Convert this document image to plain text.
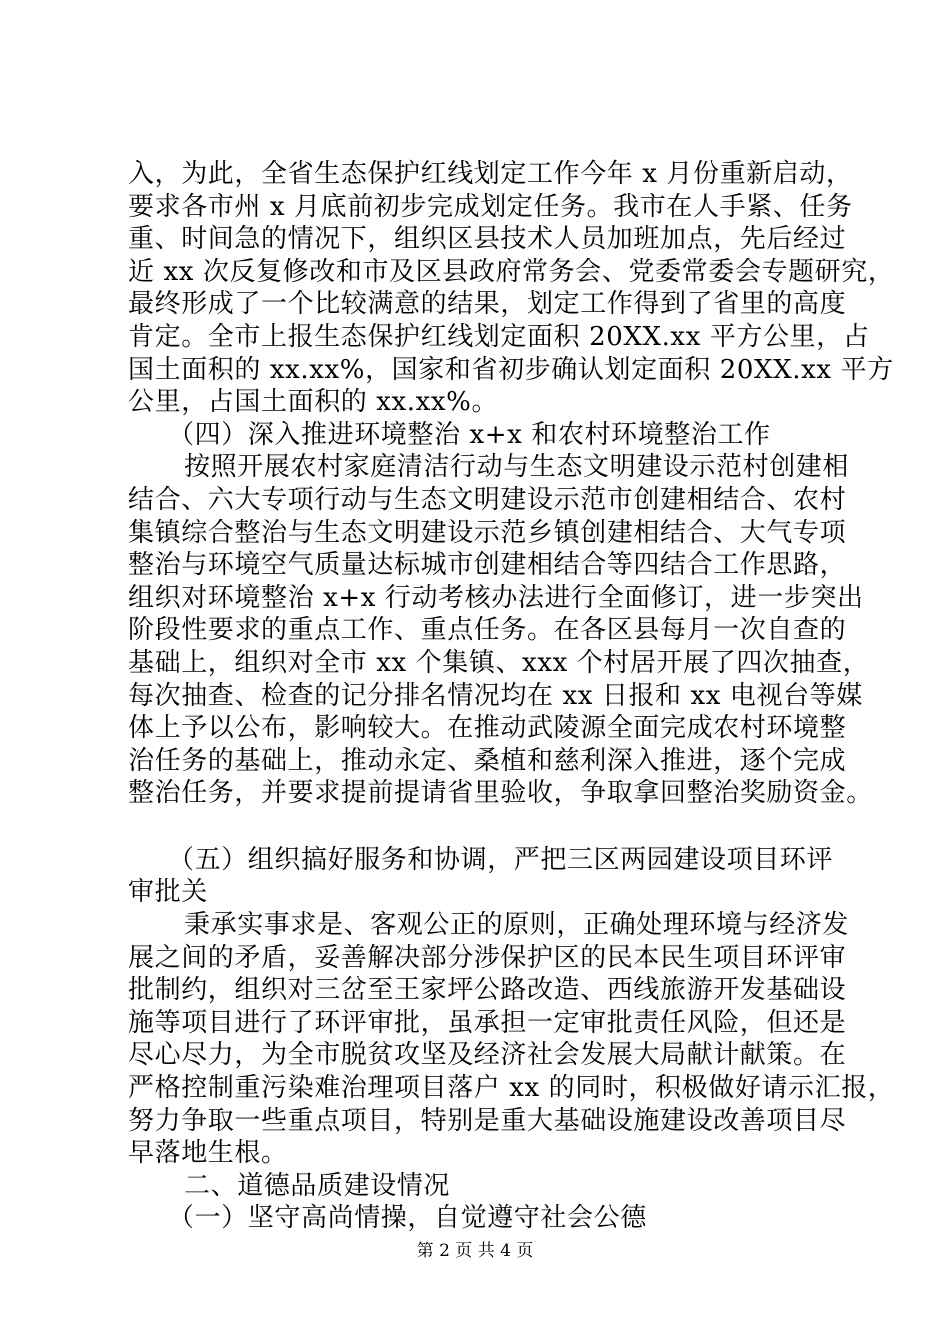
入，为此，全省生态保护红线划定工作今年 x 月份重新启动，
要求各市州 x 月底前初步完成划定任务。我市在人手紧、任务
重、时间急的情况下，组织区县技术人员加班加点，先后经过
近 xx 次反复修改和市及区县政府常务会、党委常委会专题研究，
最终形成了一个比较满意的结果，划定工作得到了省里的高度
肯定。全市上报生态保护红线划定面积 20XX.xx 平方公里，占
国土面积的 xx.xx%，国家和省初步确认划定面积 20XX.xx 平方
公里，占国土面积的 xx.xx%。
（四）深入推进环境整治 x+x 和农村环境整治工作
按照开展农村家庭清洁行动与生态文明建设示范村创建相
结合、六大专项行动与生态文明建设示范市创建相结合、农村
集镇综合整治与生态文明建设示范乡镇创建相结合、大气专项
整治与环境空气质量达标城市创建相结合等四结合工作思路，
组织对环境整治 x+x 行动考核办法进行全面修订，进一步突出
阶段性要求的重点工作、重点任务。在各区县每月一次自查的
基础上，组织对全市 xx 个集镇、xxx 个村居开展了四次抽查，
每次抽查、检查的记分排名情况均在 xx 日报和 xx 电视台等媒
体上予以公布，影响较大。在推动武陵源全面完成农村环境整
治任务的基础上，推动永定、桑植和慈利深入推进，逐个完成
整治任务，并要求提前提请省里验收，争取拿回整治奖励资金。
（五）组织搞好服务和协调，严把三区两园建设项目环评
审批关
秉承实事求是、客观公正的原则，正确处理环境与经济发
展之间的矛盾，妥善解决部分涉保护区的民本民生项目环评审
批制约，组织对三岔至王家坪公路改造、西线旅游开发基础设
施等项目进行了环评审批，虽承担一定审批责任风险，但还是
尽心尽力，为全市脱贫攻坚及经济社会发展大局献计献策。在
严格控制重污染难治理项目落户 xx 的同时，积极做好请示汇报，
努力争取一些重点项目，特别是重大基础设施建设改善项目尽
早落地生根。
二、道德品质建设情况
（一）坚守高尚情操，自觉遵守社会公德
第 2 页 共 4 页
